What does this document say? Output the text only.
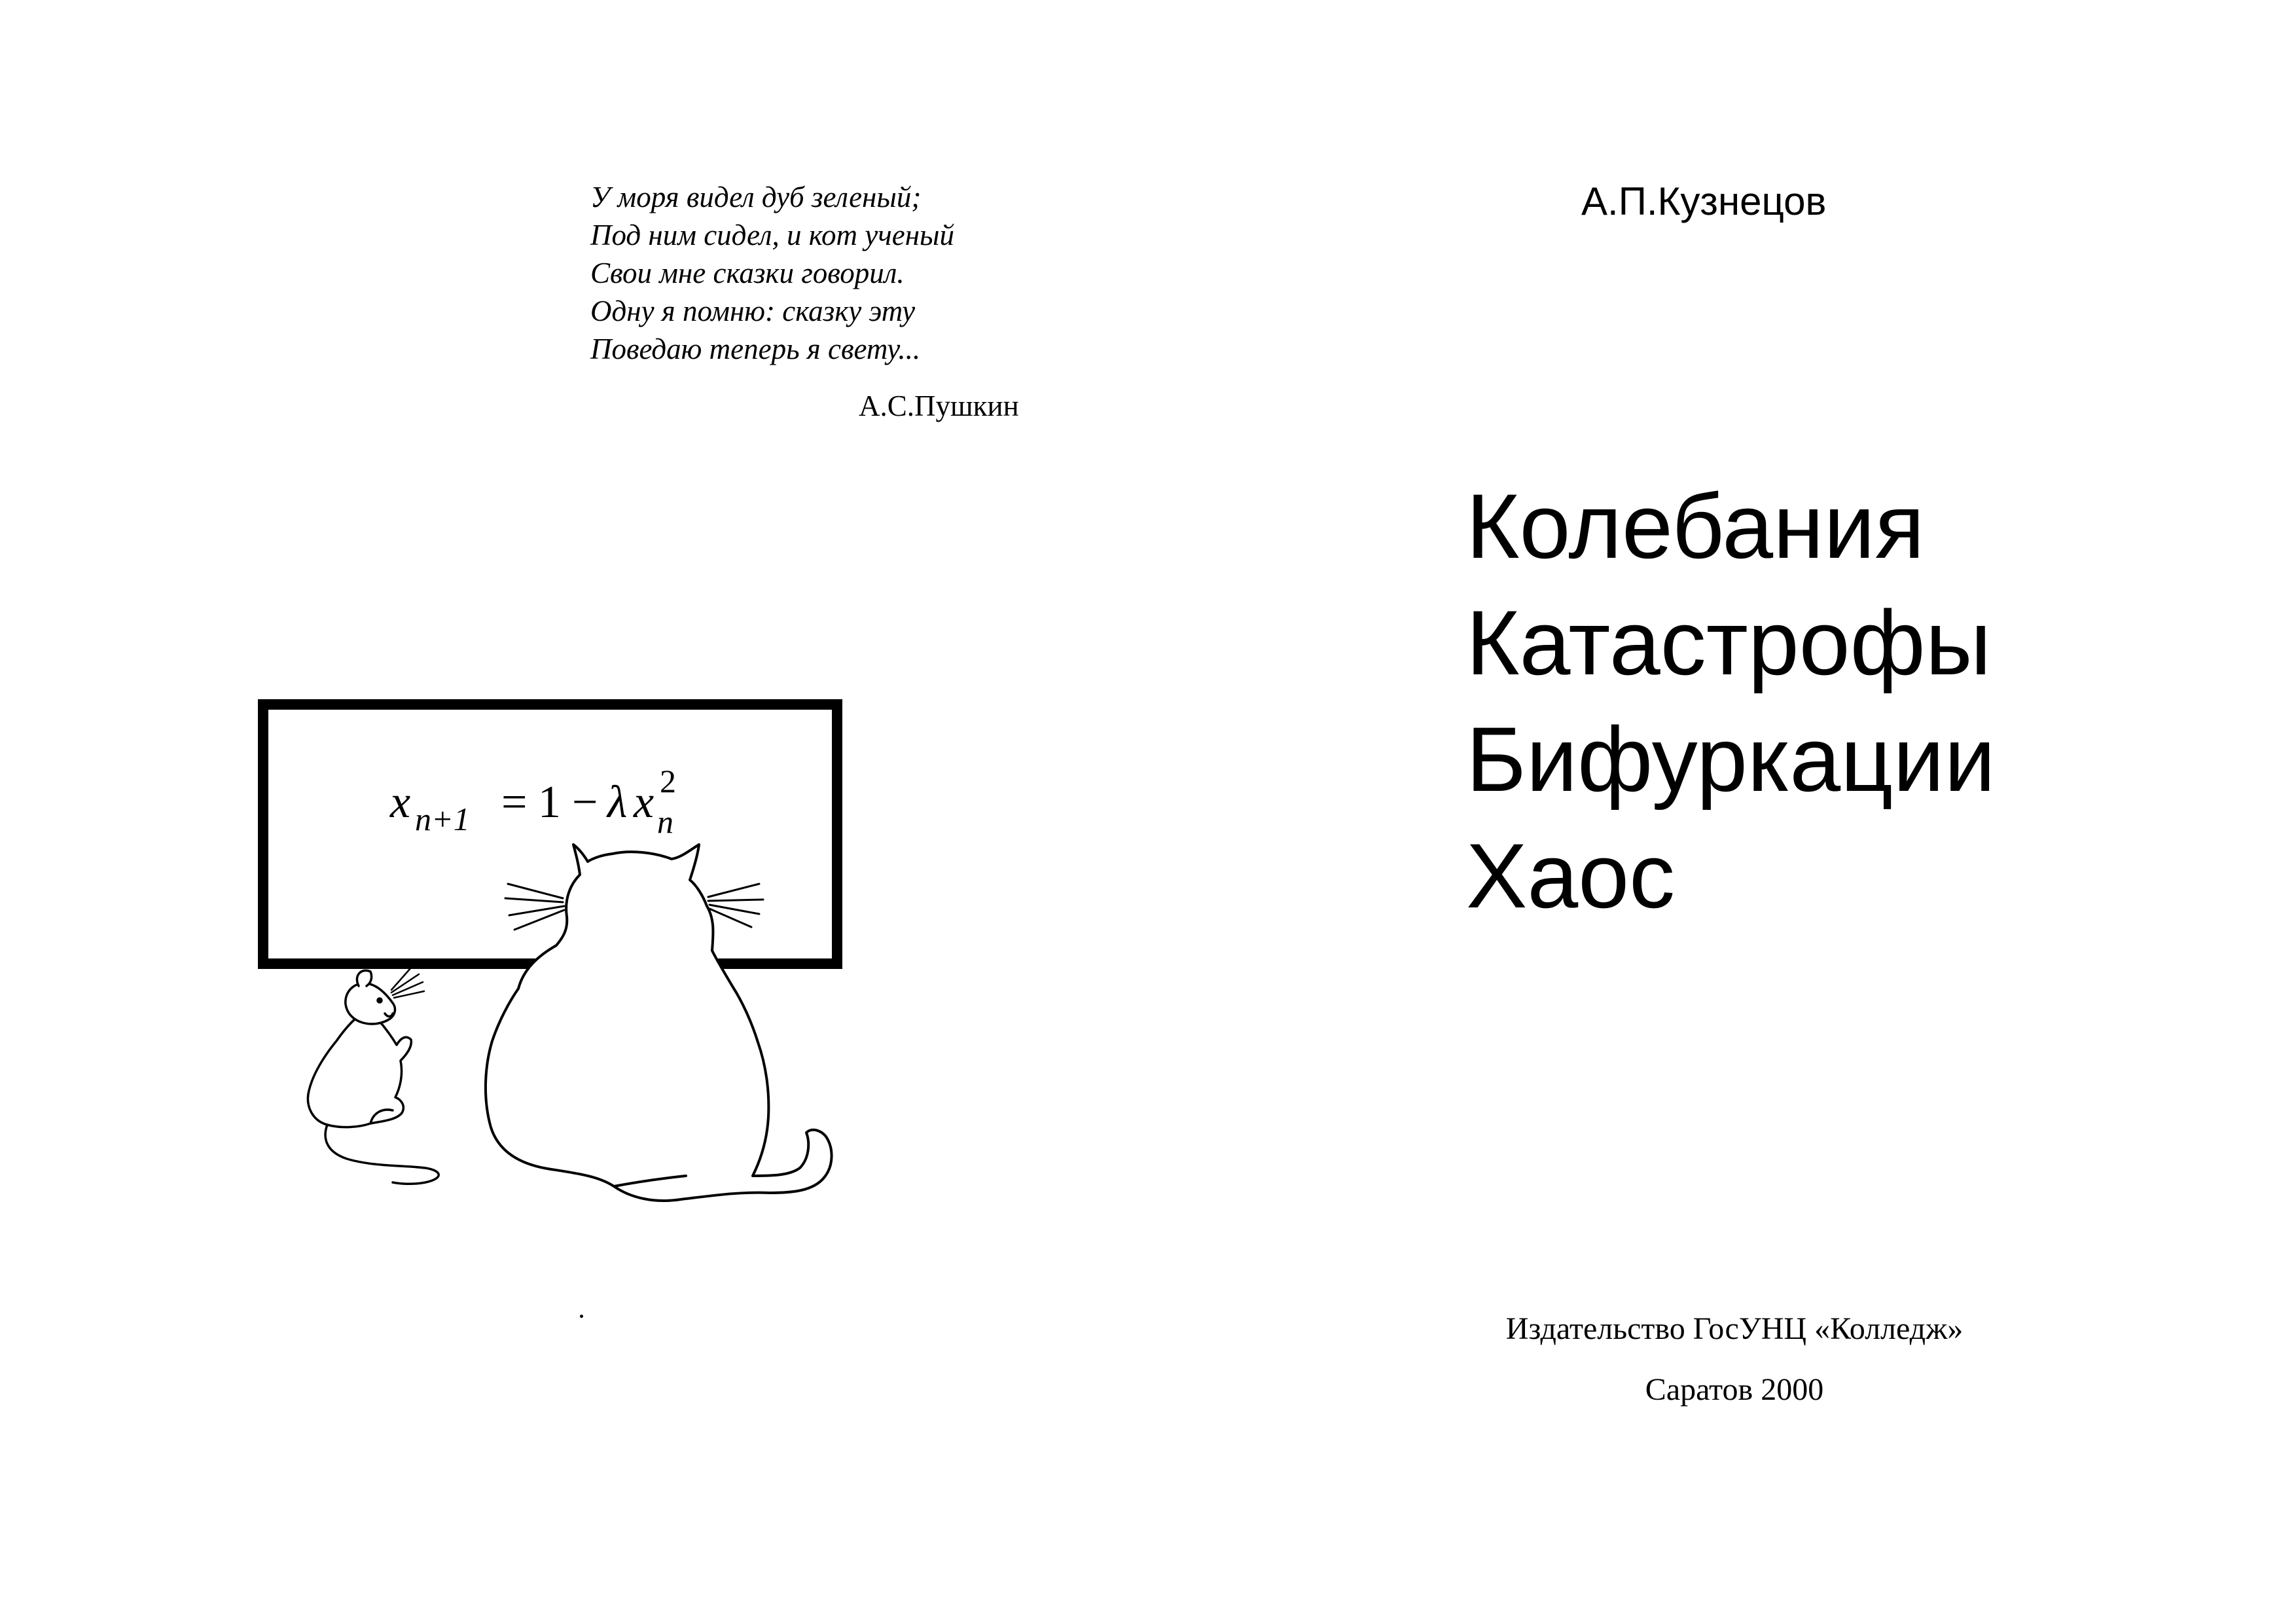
У моря видел дуб зеленый;
Под ним сидел, и кот ученый
Свои мне сказки говорил.
Одну я помню: сказку эту
Поведаю теперь я свету...
А.С.Пушкин
x n+1 = 1 − λ x 2
n
А.П.Кузнецов
Колебания
Катастрофы
Бифуркации
Хаос
Издательство ГосУНЦ «Колледж»
Саратов 2000
